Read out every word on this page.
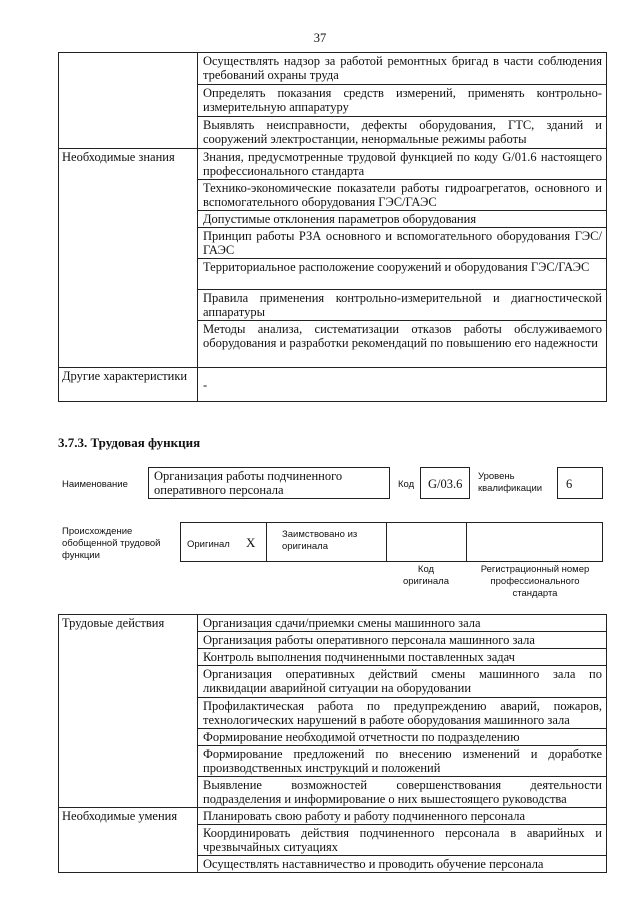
37
	Осуществлять надзор за работой ремонтных бригад в части соблюдения требований охраны труда
	Определять показания средств измерений, применять контрольно-измерительную аппаратуру
	Выявлять неисправности, дефекты оборудования, ГТС, зданий и сооружений электростанции, ненормальные режимы работы
Необходимые знания	Знания, предусмотренные трудовой функцией по коду G/01.6 настоящего профессионального стандарта
	Технико-экономические показатели работы гидроагрегатов, основного и вспомогательного оборудования ГЭС/ГАЭС
	Допустимые отклонения параметров оборудования
	Принцип работы РЗА основного и вспомогательного оборудования ГЭС/ГАЭС
	Территориальное расположение сооружений и оборудования ГЭС/ГАЭС
	Правила применения контрольно-измерительной и диагностической аппаратуры
	Методы анализа, систематизации отказов работы обслуживаемого оборудования и разработки рекомендаций по повышению его надежности
Другие характеристики	-
3.7.3. Трудовая функция
Наименование
Организация работы подчиненного оперативного персонала	Код	G/03.6
Уровень квалификации	6
Происхождение обобщенной трудовой функции
Оригинал X
Заимствовано из оригинала
Код оригинала
Регистрационный номер профессионального стандарта
Трудовые действия	Организация сдачи/приемки смены машинного зала
	Организация работы оперативного персонала машинного зала
	Контроль выполнения подчиненными поставленных задач
	Организация оперативных действий смены машинного зала по ликвидации аварийной ситуации на оборудовании
	Профилактическая работа по предупреждению аварий, пожаров, технологических нарушений в работе оборудования машинного зала
	Формирование необходимой отчетности по подразделению
	Формирование предложений по внесению изменений и доработке производственных инструкций и положений
	Выявление возможностей совершенствования деятельности подразделения и информирование о них вышестоящего руководства
Необходимые умения	Планировать свою работу и работу подчиненного персонала
	Координировать действия подчиненного персонала в аварийных и чрезвычайных ситуациях
	Осуществлять наставничество и проводить обучение персонала
